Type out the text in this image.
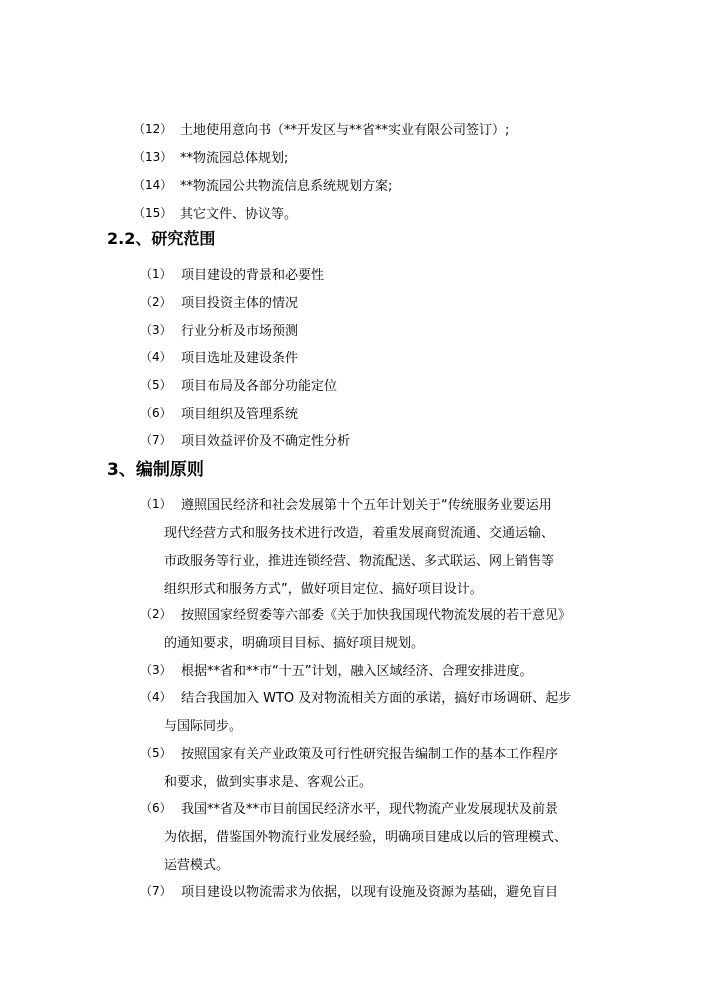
（12） 土地使用意向书（**开发区与**省**实业有限公司签订）;
（13） **物流园总体规划;
（14） **物流园公共物流信息系统规划方案;
（15） 其它文件、协议等。
2.2、研究范围
（1） 项目建设的背景和必要性
（2） 项目投资主体的情况
（3） 行业分析及市场预测
（4） 项目选址及建设条件
（5） 项目布局及各部分功能定位
（6） 项目组织及管理系统
（7） 项目效益评价及不确定性分析
3、编制原则
（1） 遵照国民经济和社会发展第十个五年计划关于“传统服务业要运用
现代经营方式和服务技术进行改造，着重发展商贸流通、交通运输、
市政服务等行业，推进连锁经营、物流配送、多式联运、网上销售等
组织形式和服务方式”，做好项目定位、搞好项目设计。
（2） 按照国家经贸委等六部委《关于加快我国现代物流发展的若干意见》
的通知要求，明确项目目标、搞好项目规划。
（3） 根据**省和**市“十五”计划，融入区域经济、合理安排进度。
（4） 结合我国加入 WTO 及对物流相关方面的承诺，搞好市场调研、起步
与国际同步。
（5） 按照国家有关产业政策及可行性研究报告编制工作的基本工作程序
和要求，做到实事求是、客观公正。
（6） 我国**省及**市目前国民经济水平，现代物流产业发展现状及前景
为依据，借鉴国外物流行业发展经验，明确项目建成以后的管理模式、
运营模式。
（7） 项目建设以物流需求为依据，以现有设施及资源为基础，避免盲目
